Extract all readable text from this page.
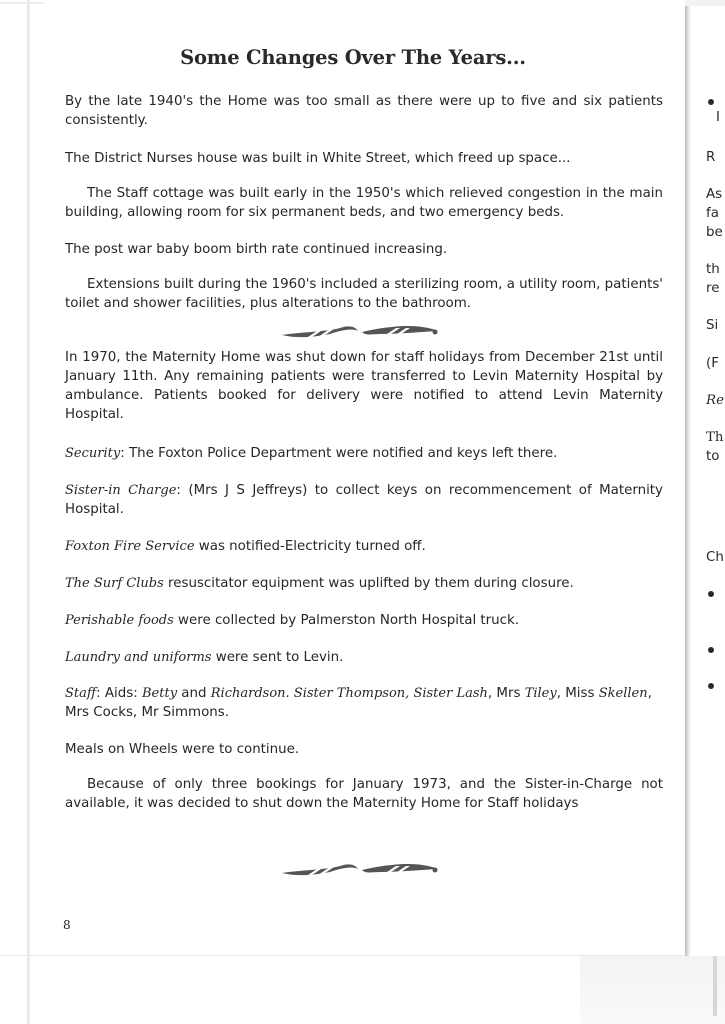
Some Changes Over The Years...
By the late 1940's the Home was too small as there were up to five and six patients consistently.
The District Nurses house was built in White Street, which freed up space...
The Staff cottage was built early in the 1950's which relieved congestion in the main building, allowing room for six permanent beds, and two emergency beds.
The post war baby boom birth rate continued increasing.
Extensions built during the 1960's included a sterilizing room, a utility room, patients' toilet and shower facilities, plus alterations to the bathroom.
In 1970, the Maternity Home was shut down for staff holidays from December 21st until January 11th. Any remaining patients were transferred to Levin Maternity Hospital by ambulance. Patients booked for delivery were notified to attend Levin Maternity Hospital.
Security: The Foxton Police Department were notified and keys left there.
Sister-in Charge: (Mrs J S Jeffreys) to collect keys on recommencement of Maternity Hospital.
Foxton Fire Service was notified-Electricity turned off.
The Surf Clubs resuscitator equipment was uplifted by them during closure.
Perishable foods were collected by Palmerston North Hospital truck.
Laundry and uniforms were sent to Levin.
Staff: Aids: Betty and Richardson. Sister Thompson, Sister Lash, Mrs Tiley, Miss Skellen, Mrs Cocks, Mr Simmons.
Meals on Wheels were to continue.
Because of only three bookings for January 1973, and the Sister-in-Charge not available, it was decided to shut down the Maternity Home for Staff holidays
8
I
R
As
fa
be
th
re
Si
(F
Re
Th
to
Ch
